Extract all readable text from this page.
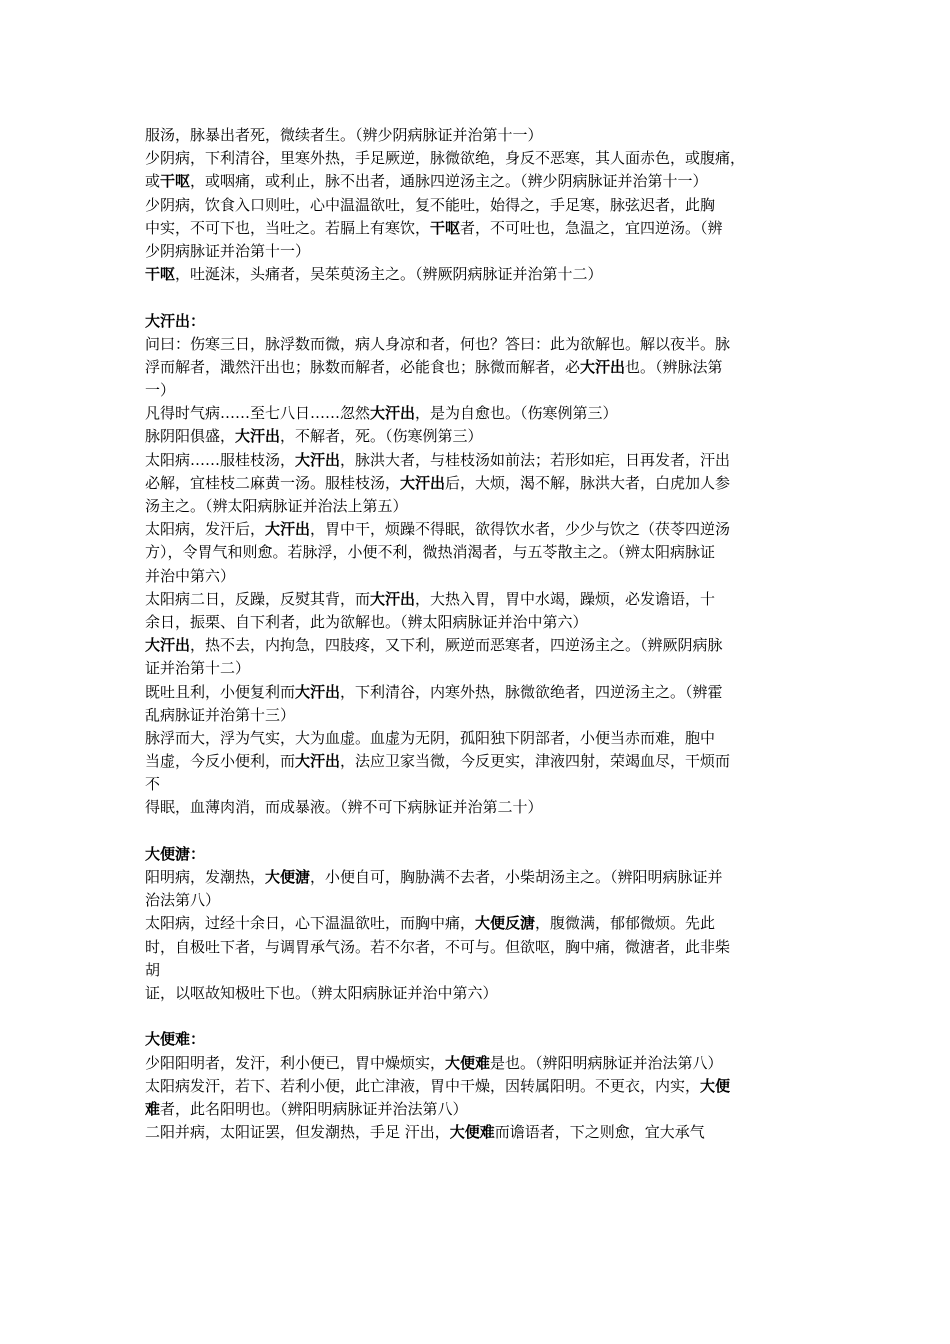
服汤，脉暴出者死，微续者生。（辨少阴病脉证并治第十一）
少阴病，下利清谷，里寒外热，手足厥逆，脉微欲绝，身反不恶寒，其人面赤色，或腹痛，
或干呕，或咽痛，或利止，脉不出者，通脉四逆汤主之。（辨少阴病脉证并治第十一）
少阴病，饮食入口则吐，心中温温欲吐，复不能吐，始得之，手足寒，脉弦迟者，此胸
中实，不可下也，当吐之。若膈上有寒饮，干呕者，不可吐也，急温之，宜四逆汤。（辨
少阴病脉证并治第十一）
干呕，吐涎沫，头痛者，吴茱萸汤主之。（辨厥阴病脉证并治第十二）
大汗出：
问曰：伤寒三日，脉浮数而微，病人身凉和者，何也？答曰：此为欲解也。解以夜半。脉
浮而解者，濈然汗出也；脉数而解者，必能食也；脉微而解者，必大汗出也。（辨脉法第
一）
凡得时气病……至七八日……忽然大汗出，是为自愈也。（伤寒例第三）
脉阴阳俱盛，大汗出，不解者，死。（伤寒例第三）
太阳病……服桂枝汤，大汗出，脉洪大者，与桂枝汤如前法；若形如疟，日再发者，汗出
必解，宜桂枝二麻黄一汤。服桂枝汤，大汗出后，大烦，渴不解，脉洪大者，白虎加人参
汤主之。（辨太阳病脉证并治法上第五）
太阳病，发汗后，大汗出，胃中干，烦躁不得眠，欲得饮水者，少少与饮之（茯苓四逆汤
方），令胃气和则愈。若脉浮，小便不利，微热消渴者，与五苓散主之。（辨太阳病脉证
并治中第六）
太阳病二日，反躁，反熨其背，而大汗出，大热入胃，胃中水竭，躁烦，必发谵语，十
余日，振栗、自下利者，此为欲解也。（辨太阳病脉证并治中第六）
大汗出，热不去，内拘急，四肢疼，又下利，厥逆而恶寒者，四逆汤主之。（辨厥阴病脉
证并治第十二）
既吐且利，小便复利而大汗出，下利清谷，内寒外热，脉微欲绝者，四逆汤主之。（辨霍
乱病脉证并治第十三）
脉浮而大，浮为气实，大为血虚。血虚为无阴，孤阳独下阴部者，小便当赤而难，胞中
当虚，今反小便利，而大汗出，法应卫家当微，今反更实，津液四射，荣竭血尽，干烦而
不
得眠，血薄肉消，而成暴液。（辨不可下病脉证并治第二十）
大便溏：
阳明病，发潮热，大便溏，小便自可，胸胁满不去者，小柴胡汤主之。（辨阳明病脉证并
治法第八）
太阳病，过经十余日，心下温温欲吐，而胸中痛，大便反溏，腹微满，郁郁微烦。先此
时，自极吐下者，与调胃承气汤。若不尔者，不可与。但欲呕，胸中痛，微溏者，此非柴
胡
证，以呕故知极吐下也。（辨太阳病脉证并治中第六）
大便难：
少阳阳明者，发汗，利小便已，胃中燥烦实，大便难是也。（辨阳明病脉证并治法第八）
太阳病发汗，若下、若利小便，此亡津液，胃中干燥，因转属阳明。不更衣，内实，大便
难者，此名阳明也。（辨阳明病脉证并治法第八）
二阳并病，太阳证罢，但发潮热，手足 汗出，大便难而谵语者，下之则愈，宜大承气
